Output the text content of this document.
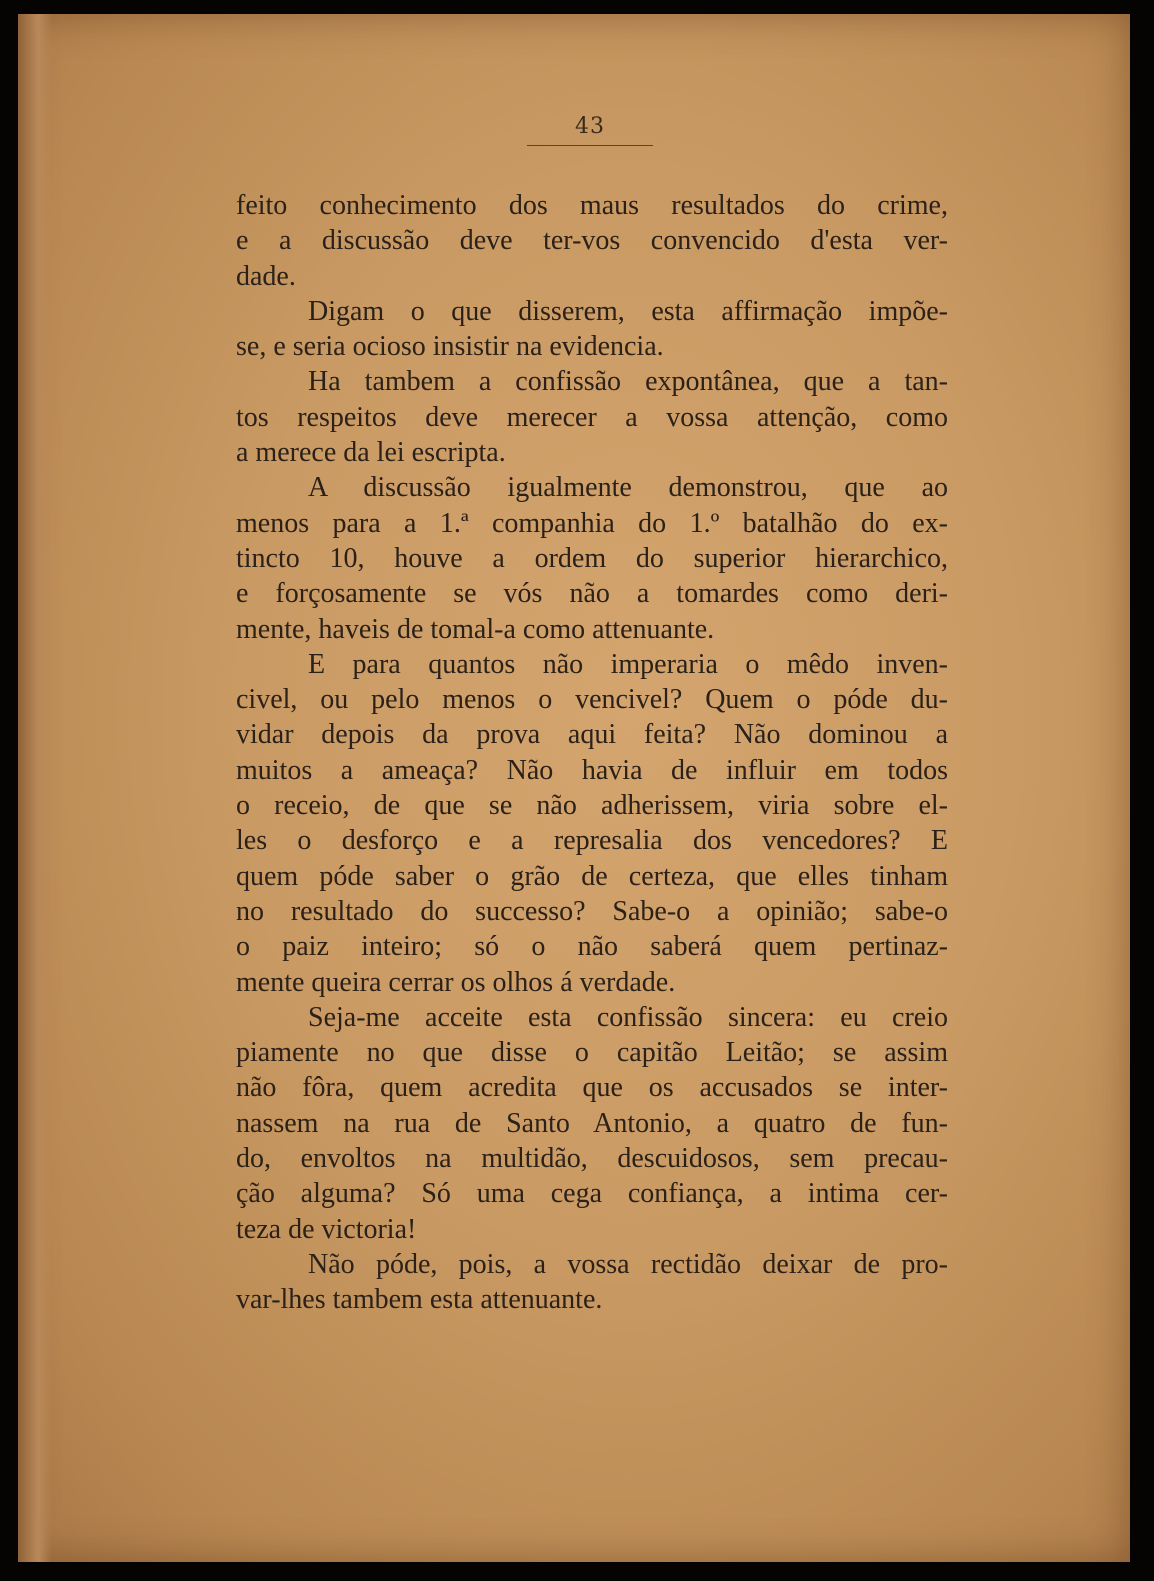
43
feito conhecimento dos maus resultados do crime,
e a discussão deve ter-vos convencido d'esta ver-
dade.
Digam o que disserem, esta affirmação impõe-
se, e seria ocioso insistir na evidencia.
Ha tambem a confissão expontânea, que a tan-
tos respeitos deve merecer a vossa attenção, como
a merece da lei escripta.
A discussão igualmente demonstrou, que ao
menos para a 1.ª companhia do 1.º batalhão do ex-
tincto 10, houve a ordem do superior hierarchico,
e forçosamente se vós não a tomardes como deri-
mente, haveis de tomal-a como attenuante.
E para quantos não imperaria o mêdo inven-
civel, ou pelo menos o vencivel? Quem o póde du-
vidar depois da prova aqui feita? Não dominou a
muitos a ameaça? Não havia de influir em todos
o receio, de que se não adherissem, viria sobre el-
les o desforço e a represalia dos vencedores? E
quem póde saber o grão de certeza, que elles tinham
no resultado do successo? Sabe-o a opinião; sabe-o
o paiz inteiro; só o não saberá quem pertinaz-
mente queira cerrar os olhos á verdade.
Seja-me acceite esta confissão sincera: eu creio
piamente no que disse o capitão Leitão; se assim
não fôra, quem acredita que os accusados se inter-
nassem na rua de Santo Antonio, a quatro de fun-
do, envoltos na multidão, descuidosos, sem precau-
ção alguma? Só uma cega confiança, a intima cer-
teza de victoria!
Não póde, pois, a vossa rectidão deixar de pro-
var-lhes tambem esta attenuante.
